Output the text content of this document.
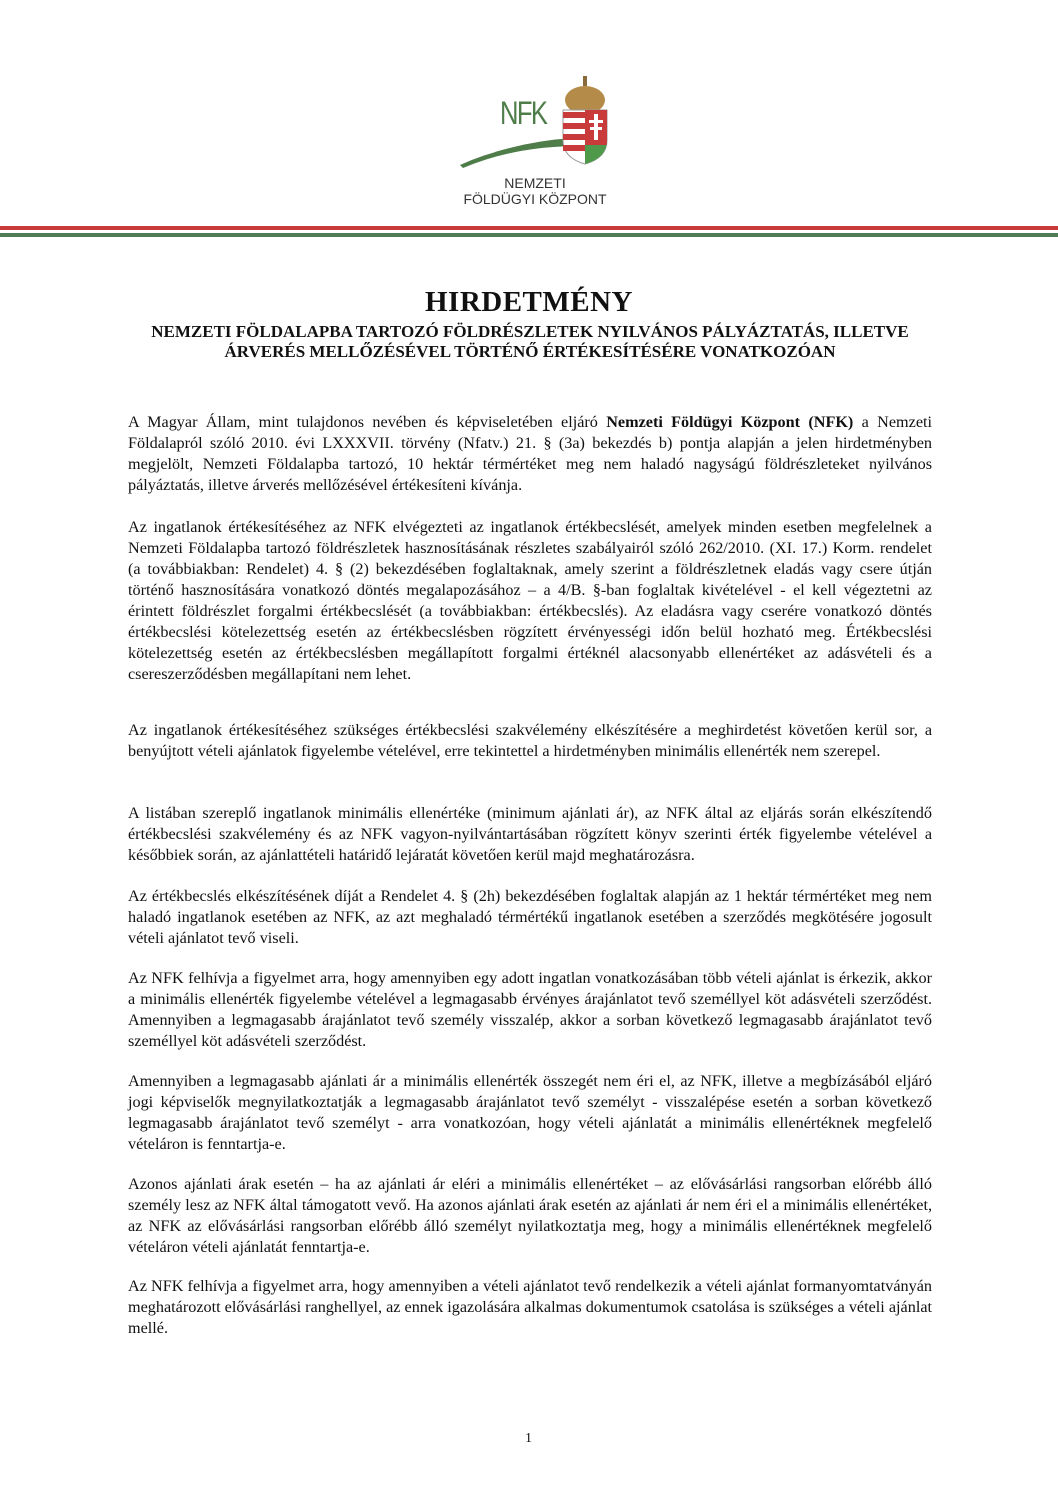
NFK
NEMZETI
FÖLDÜGYI KÖZPONT
HIRDETMÉNY
NEMZETI FÖLDALAPBA TARTOZÓ FÖLDRÉSZLETEK NYILVÁNOS PÁLYÁZTATÁS, ILLETVE
ÁRVERÉS MELLŐZÉSÉVEL TÖRTÉNŐ ÉRTÉKESÍTÉSÉRE VONATKOZÓAN
A Magyar Állam, mint tulajdonos nevében és képviseletében eljáró Nemzeti Földügyi Központ (NFK) a Nemzeti Földalapról szóló 2010. évi LXXXVII. törvény (Nfatv.) 21. § (3a) bekezdés b) pontja alapján a jelen hirdetményben megjelölt, Nemzeti Földalapba tartozó, 10 hektár térmértéket meg nem haladó nagyságú földrészleteket nyilvános pályáztatás, illetve árverés mellőzésével értékesíteni kívánja.
Az ingatlanok értékesítéséhez az NFK elvégezteti az ingatlanok értékbecslését, amelyek minden esetben megfelelnek a Nemzeti Földalapba tartozó földrészletek hasznosításának részletes szabályairól szóló 262/2010. (XI. 17.) Korm. rendelet (a továbbiakban: Rendelet) 4. § (2) bekezdésében foglaltaknak, amely szerint a földrészletnek eladás vagy csere útján történő hasznosítására vonatkozó döntés megalapozásához – a 4/B. §-ban foglaltak kivételével - el kell végeztetni az érintett földrészlet forgalmi értékbecslését (a továbbiakban: értékbecslés). Az eladásra vagy cserére vonatkozó döntés értékbecslési kötelezettség esetén az értékbecslésben rögzített érvényességi időn belül hozható meg. Értékbecslési kötelezettség esetén az értékbecslésben megállapított forgalmi értéknél alacsonyabb ellenértéket az adásvételi és a csereszerződésben megállapítani nem lehet.
Az ingatlanok értékesítéséhez szükséges értékbecslési szakvélemény elkészítésére a meghirdetést követően kerül sor, a benyújtott vételi ajánlatok figyelembe vételével, erre tekintettel a hirdetményben minimális ellenérték nem szerepel.
A listában szereplő ingatlanok minimális ellenértéke (minimum ajánlati ár), az NFK által az eljárás során elkészítendő értékbecslési szakvélemény és az NFK vagyon-nyilvántartásában rögzített könyv szerinti érték figyelembe vételével a későbbiek során, az ajánlattételi határidő lejáratát követően kerül majd meghatározásra.
Az értékbecslés elkészítésének díját a Rendelet 4. § (2h) bekezdésében foglaltak alapján az 1 hektár térmértéket meg nem haladó ingatlanok esetében az NFK, az azt meghaladó térmértékű ingatlanok esetében a szerződés megkötésére jogosult vételi ajánlatot tevő viseli.
Az NFK felhívja a figyelmet arra, hogy amennyiben egy adott ingatlan vonatkozásában több vételi ajánlat is érkezik, akkor a minimális ellenérték figyelembe vételével a legmagasabb érvényes árajánlatot tevő személlyel köt adásvételi szerződést. Amennyiben a legmagasabb árajánlatot tevő személy visszalép, akkor a sorban következő legmagasabb árajánlatot tevő személlyel köt adásvételi szerződést.
Amennyiben a legmagasabb ajánlati ár a minimális ellenérték összegét nem éri el, az NFK, illetve a megbízásából eljáró jogi képviselők megnyilatkoztatják a legmagasabb árajánlatot tevő személyt - visszalépése esetén a sorban következő legmagasabb árajánlatot tevő személyt - arra vonatkozóan, hogy vételi ajánlatát a minimális ellenértéknek megfelelő vételáron is fenntartja-e.
Azonos ajánlati árak esetén – ha az ajánlati ár eléri a minimális ellenértéket – az elővásárlási rangsorban előrébb álló személy lesz az NFK által támogatott vevő. Ha azonos ajánlati árak esetén az ajánlati ár nem éri el a minimális ellenértéket, az NFK az elővásárlási rangsorban előrébb álló személyt nyilatkoztatja meg, hogy a minimális ellenértéknek megfelelő vételáron vételi ajánlatát fenntartja-e.
Az NFK felhívja a figyelmet arra, hogy amennyiben a vételi ajánlatot tevő rendelkezik a vételi ajánlat formanyomtatványán meghatározott elővásárlási ranghellyel, az ennek igazolására alkalmas dokumentumok csatolása is szükséges a vételi ajánlat mellé.
1
